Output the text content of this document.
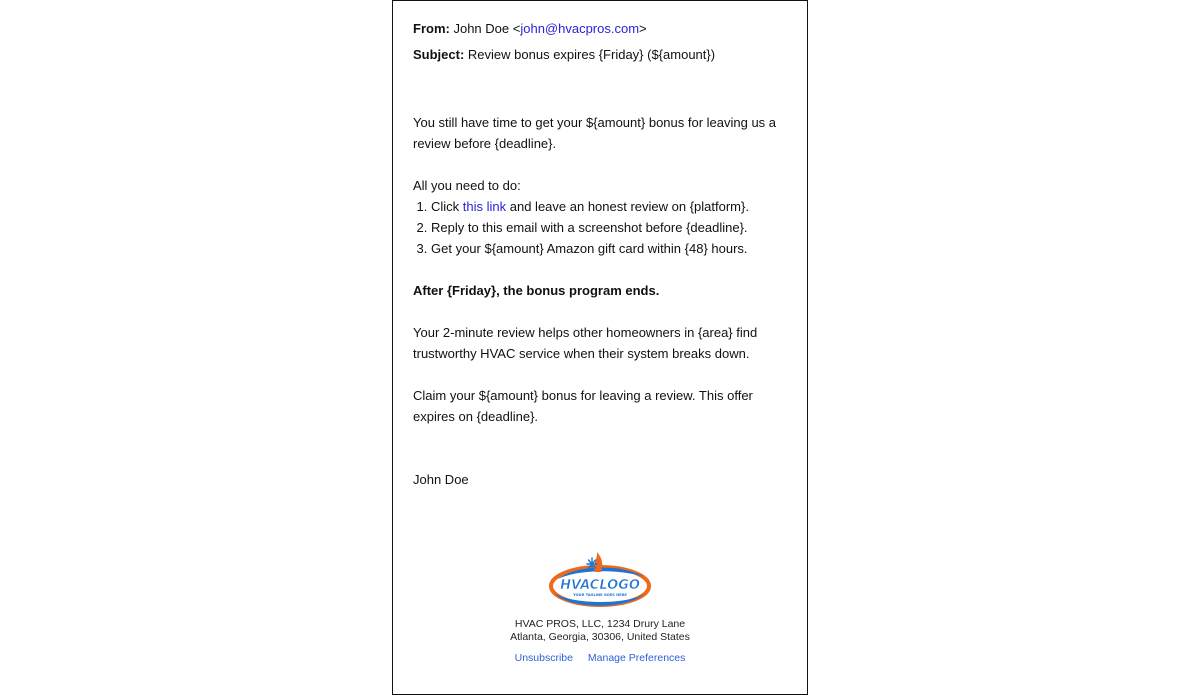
From: John Doe <john@hvacpros.com>
Subject: Review bonus expires {Friday} (${amount})

You still have time to get your ${amount} bonus for leaving us a review before {deadline}.

All you need to do:

1. Click this link and leave an honest review on {platform}.
2. Reply to this email with a screenshot before {deadline}.
3. Get your ${amount} Amazon gift card within {48} hours.

After {Friday}, the bonus program ends.

Your 2-minute review helps other homeowners in {area} find trustworthy HVAC service when their system breaks down.

Claim your ${amount} bonus for leaving a review. This offer expires on {deadline}.

John Doe

HVACLOGO
YOUR TAGLINE GOES HERE
HVAC PROS, LLC, 1234 Drury Lane
Atlanta, Georgia, 30306, United States
Unsubscribe Manage Preferences
